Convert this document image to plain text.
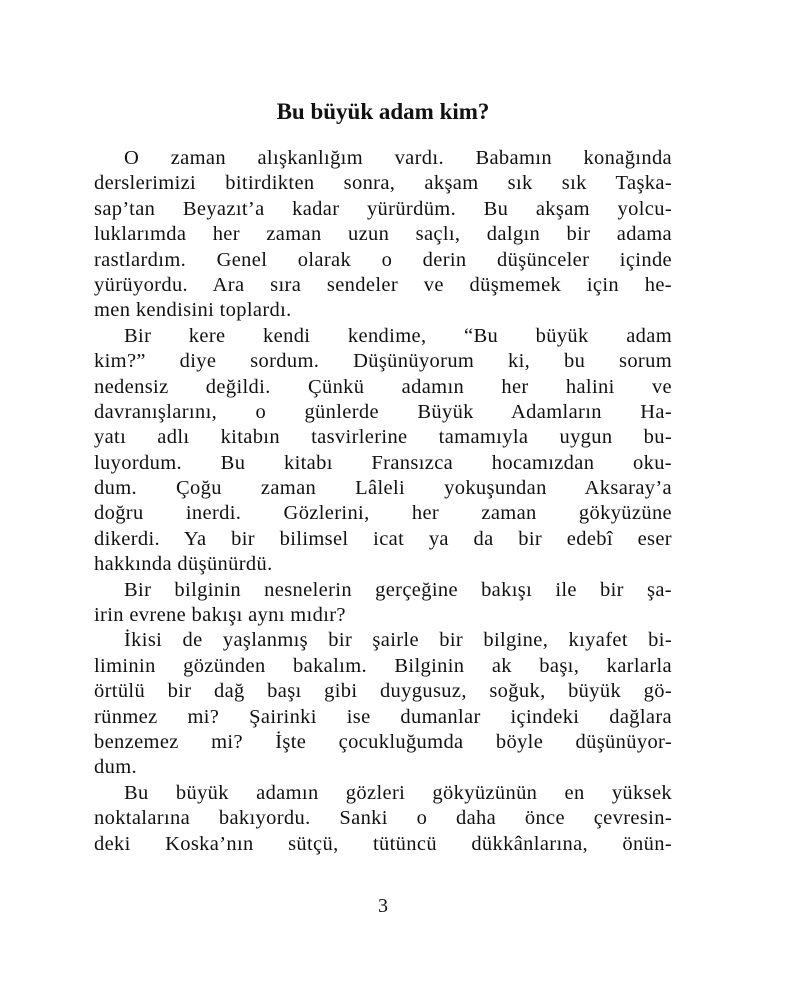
Bu büyük adam kim?
O zaman alışkanlığım vardı. Babamın konağında
derslerimizi bitirdikten sonra, akşam sık sık Taşka-
sap’tan Beyazıt’a kadar yürürdüm. Bu akşam yolcu-
luklarımda her zaman uzun saçlı, dalgın bir adama
rastlardım. Genel olarak o derin düşünceler içinde
yürüyordu. Ara sıra sendeler ve düşmemek için he-
men kendisini toplardı.
Bir kere kendi kendime, “Bu büyük adam
kim?” diye sordum. Düşünüyorum ki, bu sorum
nedensiz değildi. Çünkü adamın her halini ve
davranışlarını, o günlerde Büyük Adamların Ha-
yatı adlı kitabın tasvirlerine tamamıyla uygun bu-
luyordum. Bu kitabı Fransızca hocamızdan oku-
dum. Çoğu zaman Lâleli yokuşundan Aksaray’a
doğru inerdi. Gözlerini, her zaman gökyüzüne
dikerdi. Ya bir bilimsel icat ya da bir edebî eser
hakkında düşünürdü.
Bir bilginin nesnelerin gerçeğine bakışı ile bir şa-
irin evrene bakışı aynı mıdır?
İkisi de yaşlanmış bir şairle bir bilgine, kıyafet bi-
liminin gözünden bakalım. Bilginin ak başı, karlarla
örtülü bir dağ başı gibi duygusuz, soğuk, büyük gö-
rünmez mi? Şairinki ise dumanlar içindeki dağlara
benzemez mi? İşte çocukluğumda böyle düşünüyor-
dum.
Bu büyük adamın gözleri gökyüzünün en yüksek
noktalarına bakıyordu. Sanki o daha önce çevresin-
deki Koska’nın sütçü, tütüncü dükkânlarına, önün-
3
